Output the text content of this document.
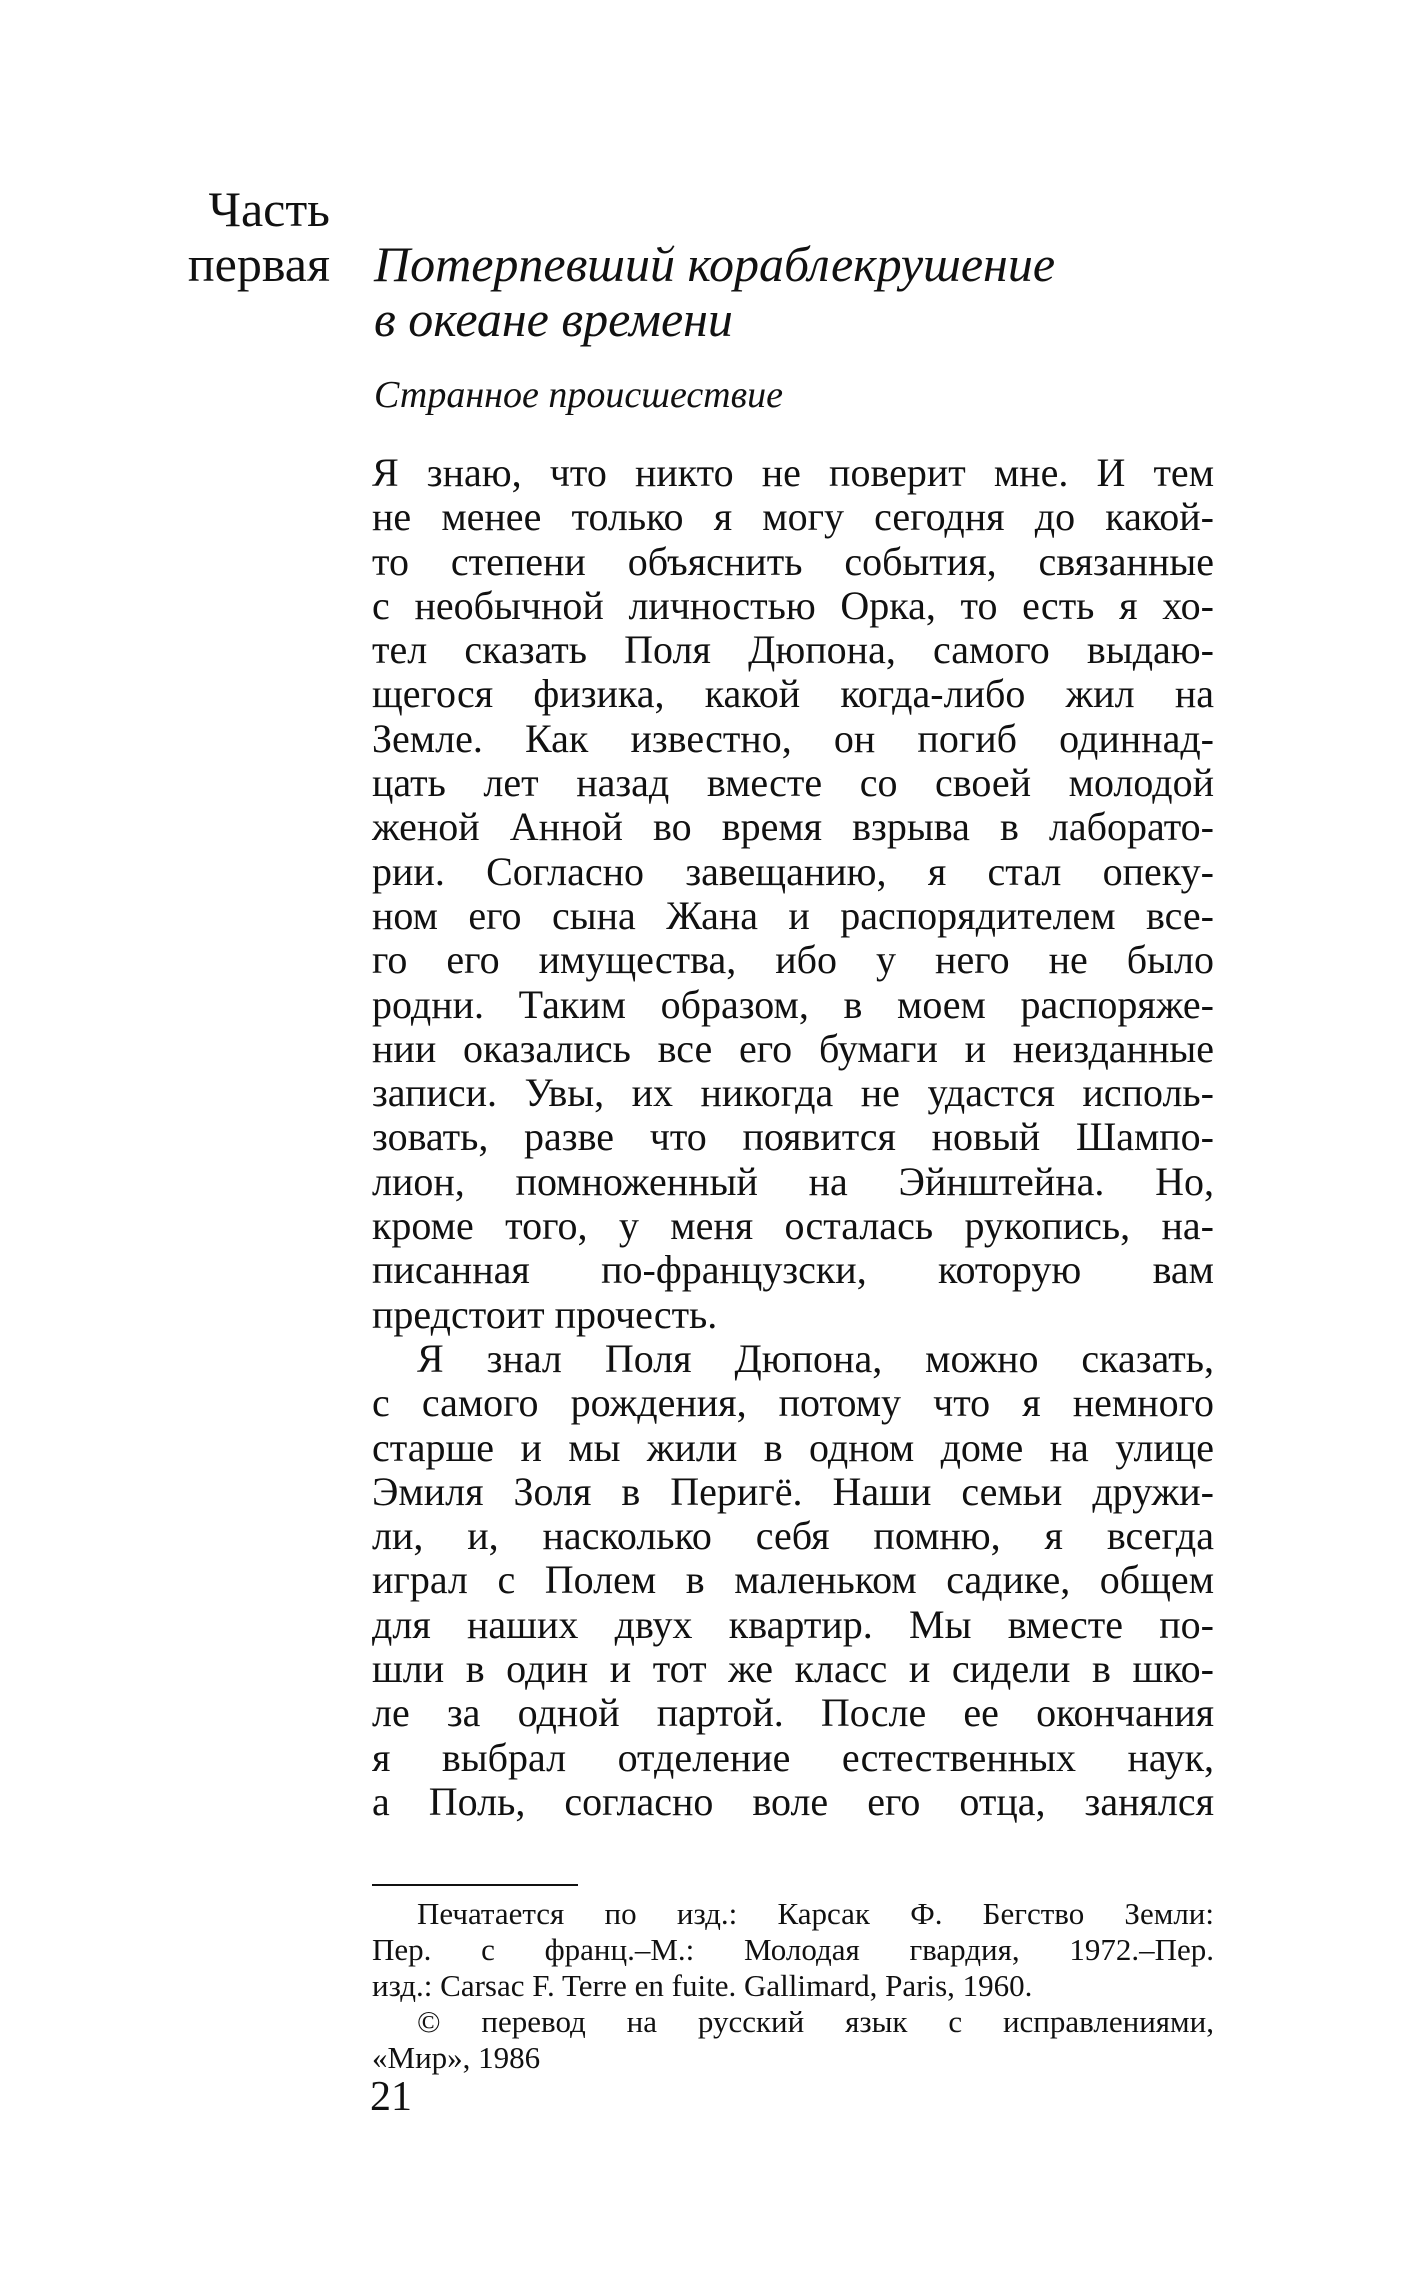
Часть
первая Потерпевший кораблекрушение
в океане времени
Странное происшествие
Я знаю, что никто не поверит мне. И тем
не менее только я могу сегодня до какой-
то степени объяснить события, связанные
с необычной личностью Орка, то есть я хо-
тел сказать Поля Дюпона, самого выдаю-
щегося физика, какой когда-либо жил на
Земле. Как известно, он погиб одиннад-
цать лет назад вместе со своей молодой
женой Анной во время взрыва в лаборато-
рии. Согласно завещанию, я стал опеку-
ном его сына Жана и распорядителем все-
го его имущества, ибо у него не было
родни. Таким образом, в моем распоряже-
нии оказались все его бумаги и неизданные
записи. Увы, их никогда не удастся исполь-
зовать, разве что появится новый Шампо-
лион, помноженный на Эйнштейна. Но,
кроме того, у меня осталась рукопись, на-
писанная по-французски, которую вам
предстоит прочесть.
Я знал Поля Дюпона, можно сказать,
с самого рождения, потому что я немного
старше и мы жили в одном доме на улице
Эмиля Золя в Перигё. Наши семьи дружи-
ли, и, насколько себя помню, я всегда
играл с Полем в маленьком садике, общем
для наших двух квартир. Мы вместе по-
шли в один и тот же класс и сидели в шко-
ле за одной партой. После ее окончания
я выбрал отделение естественных наук,
а Поль, согласно воле его отца, занялся
Печатается по изд.: Карсак Ф. Бегство Земли:
Пер. с франц.–М.: Молодая гвардия, 1972.–Пер.
изд.: Carsac F. Terre en fuite. Gallimard, Paris, 1960.
© перевод на русский язык с исправлениями,
«Мир», 1986
21
